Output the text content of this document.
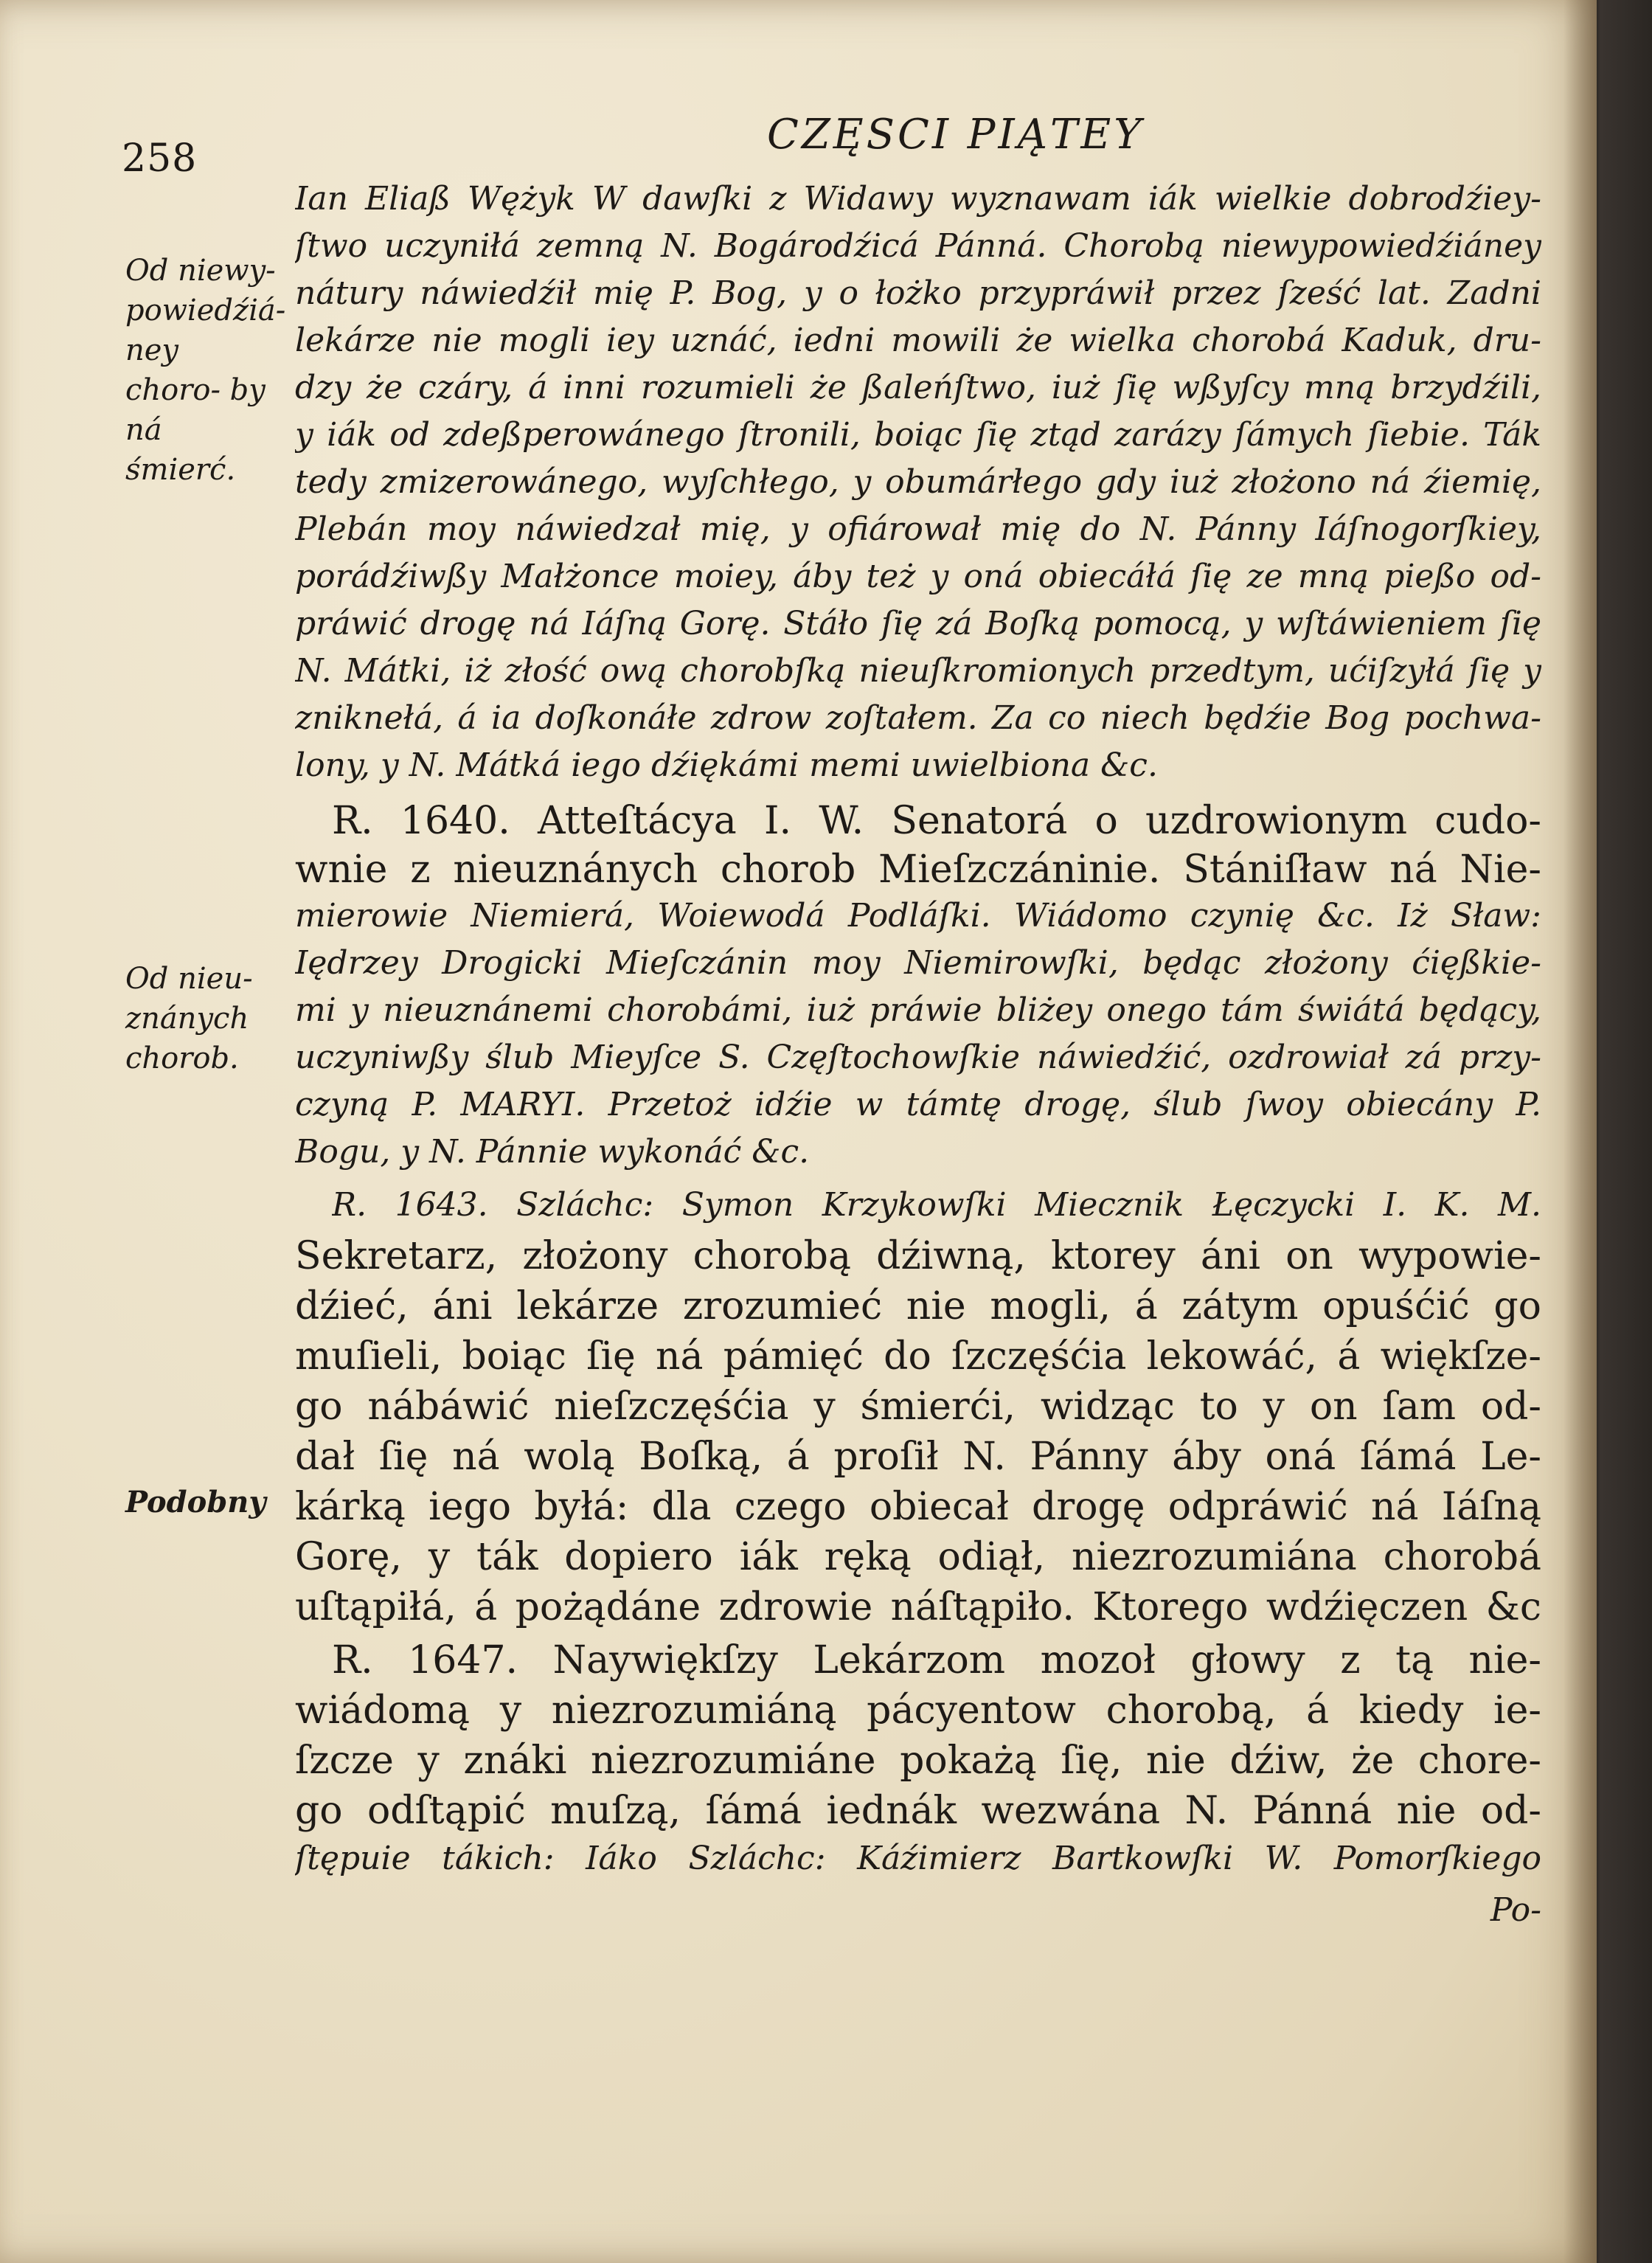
258	CZĘSCI PIĄTEY
Od niewy- powiedźiá- ney choro- by ná śmierć.
Od nieu- znánych chorob.
Podobny
Ian Eliaß Wężyk W dawſki z Widawy wyznawam iák wielkie dobrodźiey-
ſtwo uczyniłá zemną N. Bogárodźicá Pánná. Chorobą niewypowiedźiáney
nátury náwiedźił mię P. Bog, y o łożko przypráwił przez ſześć lat. Zadni
lekárze nie mogli iey uznáć, iedni mowili że wielka chorobá Kaduk, dru-
dzy że czáry, á inni rozumieli że ßaleńſtwo, iuż ſię wßyſcy mną brzydźili,
y iák od zdeßperowánego ſtronili, boiąc ſię ztąd zarázy ſámych ſiebie. Ták
tedy zmizerowánego, wyſchłego, y obumárłego gdy iuż złożono ná źiemię,
Plebán moy náwiedzał mię, y ofiárował mię do N. Pánny Iáſnogorſkiey,
porádźiwßy Małżonce moiey, áby też y oná obiecáłá ſię ze mną pießo od-
práwić drogę ná Iáſną Gorę. Stáło ſię zá Boſką pomocą, y wſtáwieniem ſię
N. Mátki, iż złość ową chorobſką nieuſkromionych przedtym, ućiſzyłá ſię y
zniknełá, á ia doſkonáłe zdrow zoſtałem. Za co niech będźie Bog pochwa-
lony, y N. Mátká iego dźiękámi memi uwielbiona &c.
R. 1640. Atteſtácya I. W. Senatorá o uzdrowionym cudo-
wnie z nieuznánych chorob Mieſzczáninie. Stániſław ná Nie-
mierowie Niemierá, Woiewodá Podláſki. Wiádomo czynię &c. Iż Sław:
Iędrzey Drogicki Mieſczánin moy Niemirowſki, będąc złożony ćięßkie-
mi y nieuznánemi chorobámi, iuż práwie bliżey onego tám świátá będący,
uczyniwßy ślub Mieyſce S. Częſtochowſkie náwiedźić, ozdrowiał zá przy-
czyną P. MARYI. Przetoż idźie w támtę drogę, ślub ſwoy obiecány P.
Bogu, y N. Pánnie wykonáć &c.
R. 1643. Szláchc: Symon Krzykowſki Miecznik Łęczycki I. K. M.
Sekretarz, złożony chorobą dźiwną, ktorey áni on wypowie-
dźieć, áni lekárze zrozumieć nie mogli, á zátym opuśćić go
muſieli, boiąc ſię ná pámięć do ſzczęśćia lekowáć, á więkſze-
go nábáwić nieſzczęśćia y śmierći, widząc to y on ſam od-
dał ſię ná wolą Boſką, á proſił N. Pánny áby oná ſámá Le-
kárką iego byłá: dla czego obiecał drogę odpráwić ná Iáſną
Gorę, y ták dopiero iák ręką odiął, niezrozumiána chorobá
uſtąpiłá, á pożądáne zdrowie náſtąpiło. Ktorego wdźięczen &c
R. 1647. Naywiękſzy Lekárzom mozoł głowy z tą nie-
wiádomą y niezrozumiáną pácyentow chorobą, á kiedy ie-
ſzcze y znáki niezrozumiáne pokażą ſię, nie dźiw, że chore-
go odſtąpić muſzą, ſámá iednák wezwána N. Pánná nie od-
ſtępuie tákich: Iáko Szláchc: Káźimierz Bartkowſki W. Pomorſkiego
Po-
